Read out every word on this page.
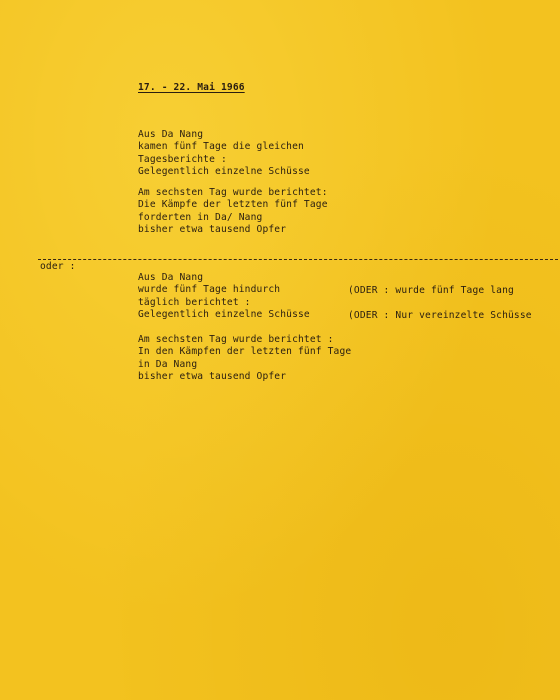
17. - 22. Mai 1966
Aus Da Nang
kamen fünf Tage die gleichen
Tagesberichte :
Gelegentlich einzelne Schüsse
Am sechsten Tag wurde berichtet:
Die Kämpfe der letzten fünf Tage
forderten in Da/ Nang
bisher etwa tausend Opfer
oder :
Aus Da Nang
wurde fünf Tage hindurch
täglich berichtet :
Gelegentlich einzelne Schüsse
(ODER : wurde fünf Tage lang
(ODER : Nur vereinzelte Schüsse
Am sechsten Tag wurde berichtet :
In den Kämpfen der letzten fünf Tage
in Da Nang
bisher etwa tausend Opfer
